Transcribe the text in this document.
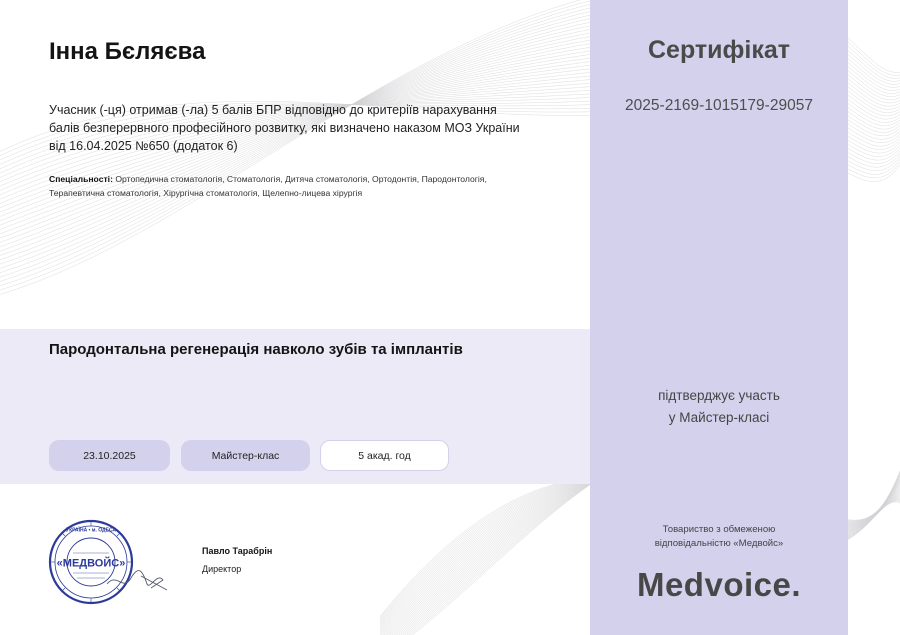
Інна Бєляєва

Учасник (-ця) отримав (-ла) 5 балів БПР відповідно до критеріїв нарахування
балів безперервного професійного розвитку, які визначено наказом МОЗ України
від 16.04.2025 №650 (додаток 6)

Спеціальності: Ортопедична стоматологія, Стоматологія, Дитяча стоматологія, Ортодонтія, Пародонтологія,
Терапевтична стоматологія, Хірургічна стоматологія, Щелепно-лицева хірургія

Пародонтальна регенерація навколо зубів та імплантів
23.10.2025	Майстер-клас	5 акад. год
«МЕДВОЙС»
УКРАЇНА • м. ОДЕСА

Павло Тарабрін

Директор

Сертифікат

2025-2169-1015179-29057

підтверджує участь
у Майстер-класі

Товариство з обмеженою
відповідальністю «Медвойс»

Medvoice.
